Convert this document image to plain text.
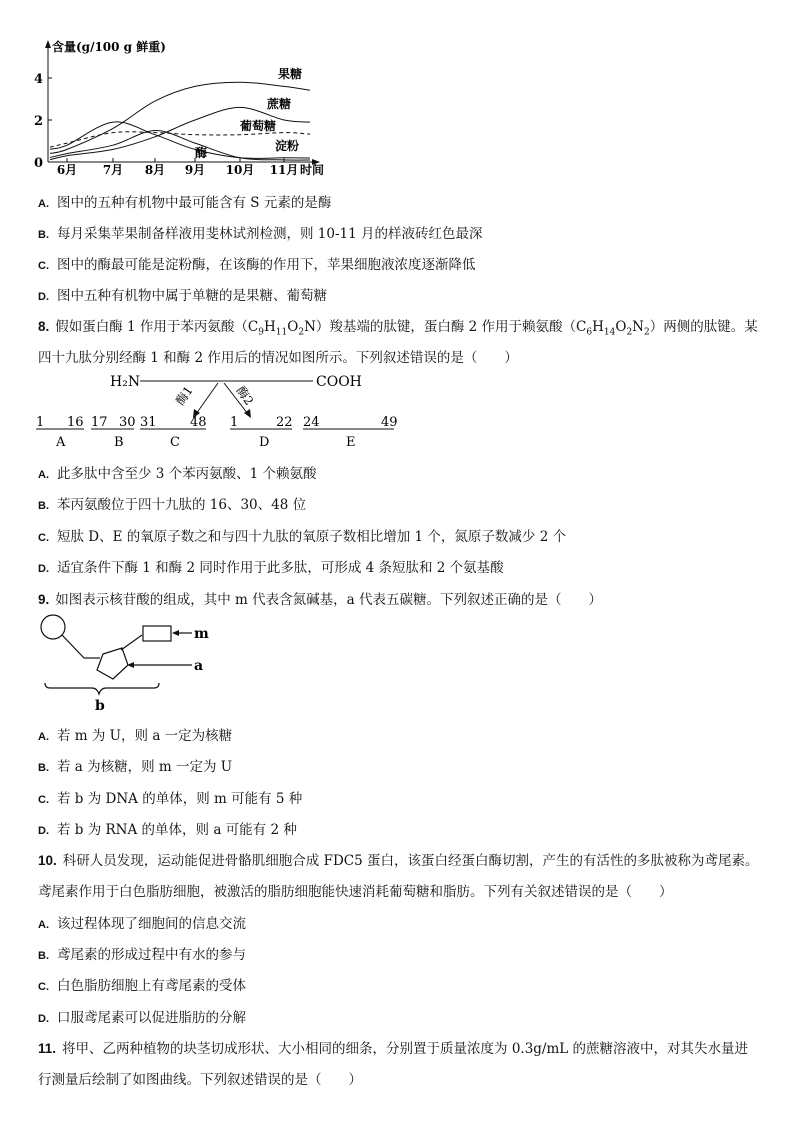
含量(g/100 g 鲜重)
4
2
0 6月 7月 8月 9月 10月 11月
果糖
蔗糖
葡萄糖
淀粉
酶
时间
A. 图中的五种有机物中最可能含有 S 元素的是酶
B. 每月采集苹果制备样液用斐林试剂检测，则 10-11 月的样液砖红色最深
C. 图中的酶最可能是淀粉酶，在该酶的作用下，苹果细胞液浓度逐渐降低
D. 图中五种有机物中属于单糖的是果糖、葡萄糖
8. 假如蛋白酶 1 作用于苯丙氨酸$(C_9H_{11}O_2N)$羧基端的肽键，蛋白酶 2 作用于赖氨酸$(C_6H_{14}O_2N_2)$两侧的肽键。某
四十九肽分别经酶 1 和酶 2 作用后的情况如图所示。下列叙述错误的是（　　）
H₂N	COOH
酶1	酶2
1 16 17 30 31	48 1	22 24	49
A	B	C	D	E
A. 此多肽中含至少 3 个苯丙氨酸、1 个赖氨酸
B. 苯丙氨酸位于四十九肽的 16、30、48 位
C. 短肽 D、E 的氧原子数之和与四十九肽的氧原子数相比增加 1 个，氮原子数减少 2 个
D. 适宜条件下酶 1 和酶 2 同时作用于此多肽，可形成 4 条短肽和 2 个氨基酸
9. 如图表示核苷酸的组成，其中 m 代表含氮碱基，a 代表五碳糖。下列叙述正确的是（　　）
m
a
b
A. 若 m 为 U，则 a 一定为核糖
B. 若 a 为核糖，则 m 一定为 U
C. 若 b 为 DNA 的单体，则 m 可能有 5 种
D. 若 b 为 RNA 的单体，则 a 可能有 2 种
10. 科研人员发现，运动能促进骨骼肌细胞合成 FDC5 蛋白，该蛋白经蛋白酶切割，产生的有活性的多肽被称为鸢尾素。
鸢尾素作用于白色脂肪细胞，被激活的脂肪细胞能快速消耗葡萄糖和脂肪。下列有关叙述错误的是（　　）
A. 该过程体现了细胞间的信息交流
B. 鸢尾素的形成过程中有水的参与
C. 白色脂肪细胞上有鸢尾素的受体
D. 口服鸢尾素可以促进脂肪的分解
11. 将甲、乙两种植物的块茎切成形状、大小相同的细条，分别置于质量浓度为 0.3g/mL 的蔗糖溶液中，对其失水量进
行测量后绘制了如图曲线。下列叙述错误的是（　　）
